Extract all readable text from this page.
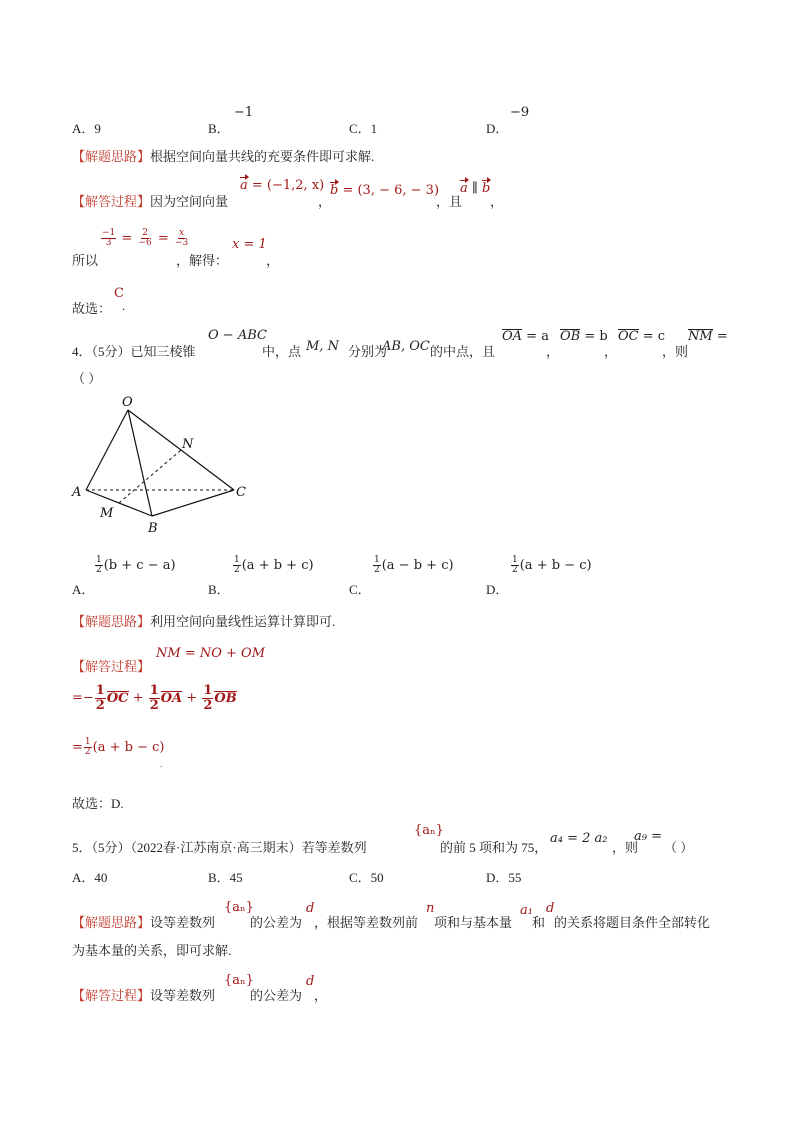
A．9	B．
−1
C．1	D．
−9
【解题思路】根据空间向量共线的充要条件即可求解.
【解答过程】因为空间向量
a = (−1,2, x)
，
b = (3, − 6, − 3)
，且
a ∥ b
，
所以
$\frac{-1}{3} = \frac{2}{-6} = \frac{x}{-3}$
，解得：
x = 1
，
故选：
C
.
4．（5分）已知三棱锥
O − ABC
中，点 M, N 分别为
AB, OC 的中点，且
OA = a
，
OB = b
，
OC = c
，则
NM =
（ ）
O
N
A	C
M
B
A．
$\frac{1}{2} (b + c - a)$
B．
$\frac{1}{2} (a + b + c)$
C．
$\frac{1}{2} (a - b + c)$
D．
$\frac{1}{2} (a + b - c)$
【解题思路】利用空间向量线性运算计算即可.
【解答过程】
NM = NO + OM
=− $\frac{1}{2}$ OC + $\frac{1}{2}$ OA + $\frac{1}{2}$ OB
= $\frac{1}{2} (a + b - c)$
.
故选：D.
5．（5分）（2022春·江苏南京·高三期末）若等差数列
{aₙ}
的前 5 项和为 75，
a₄ = 2 a₂
，则
a₉ =
（ ）
A．40	B．45	C．50	D．55
【解题思路】设等差数列
{aₙ}
的公差为
d
，根据等差数列前
n
项和与基本量
a₁
和
d
的关系将题目条件全部转化
为基本量的关系，即可求解.
【解答过程】设等差数列
{aₙ}
的公差为
d
，
